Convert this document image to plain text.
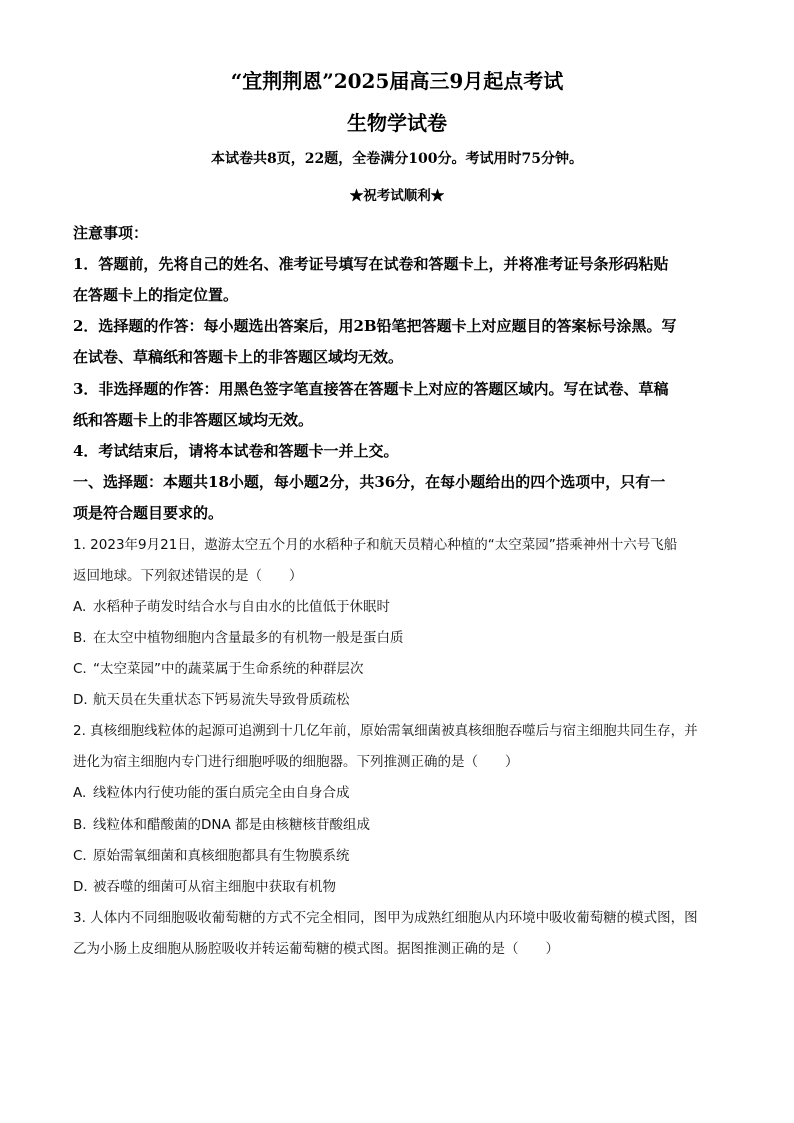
“宜荆荆恩”2025届高三9月起点考试
生物学试卷
本试卷共8页，22题，全卷满分100分。考试用时75分钟。
★祝考试顺利★
注意事项：
1．答题前，先将自己的姓名、准考证号填写在试卷和答题卡上，并将准考证号条形码粘贴
在答题卡上的指定位置。
2．选择题的作答：每小题选出答案后，用2B铅笔把答题卡上对应题目的答案标号涂黑。写
在试卷、草稿纸和答题卡上的非答题区域均无效。
3．非选择题的作答：用黑色签字笔直接答在答题卡上对应的答题区域内。写在试卷、草稿
纸和答题卡上的非答题区域均无效。
4．考试结束后，请将本试卷和答题卡一并上交。
一、选择题：本题共18小题，每小题2分，共36分，在每小题给出的四个选项中，只有一
项是符合题目要求的。
1. 2023年9月21日，遨游太空五个月的水稻种子和航天员精心种植的“太空菜园”搭乘神州十六号飞船
返回地球。下列叙述错误的是（　　）
A. 水稻种子萌发时结合水与自由水的比值低于休眠时
B. 在太空中植物细胞内含量最多的有机物一般是蛋白质
C. “太空菜园”中的蔬菜属于生命系统的种群层次
D. 航天员在失重状态下钙易流失导致骨质疏松
2. 真核细胞线粒体的起源可追溯到十几亿年前，原始需氧细菌被真核细胞吞噬后与宿主细胞共同生存，并
进化为宿主细胞内专门进行细胞呼吸的细胞器。下列推测正确的是（　　）
A. 线粒体内行使功能的蛋白质完全由自身合成
B. 线粒体和醋酸菌的DNA 都是由核糖核苷酸组成
C. 原始需氧细菌和真核细胞都具有生物膜系统
D. 被吞噬的细菌可从宿主细胞中获取有机物
3. 人体内不同细胞吸收葡萄糖的方式不完全相同，图甲为成熟红细胞从内环境中吸收葡萄糖的模式图，图
乙为小肠上皮细胞从肠腔吸收并转运葡萄糖的模式图。据图推测正确的是（　　）
